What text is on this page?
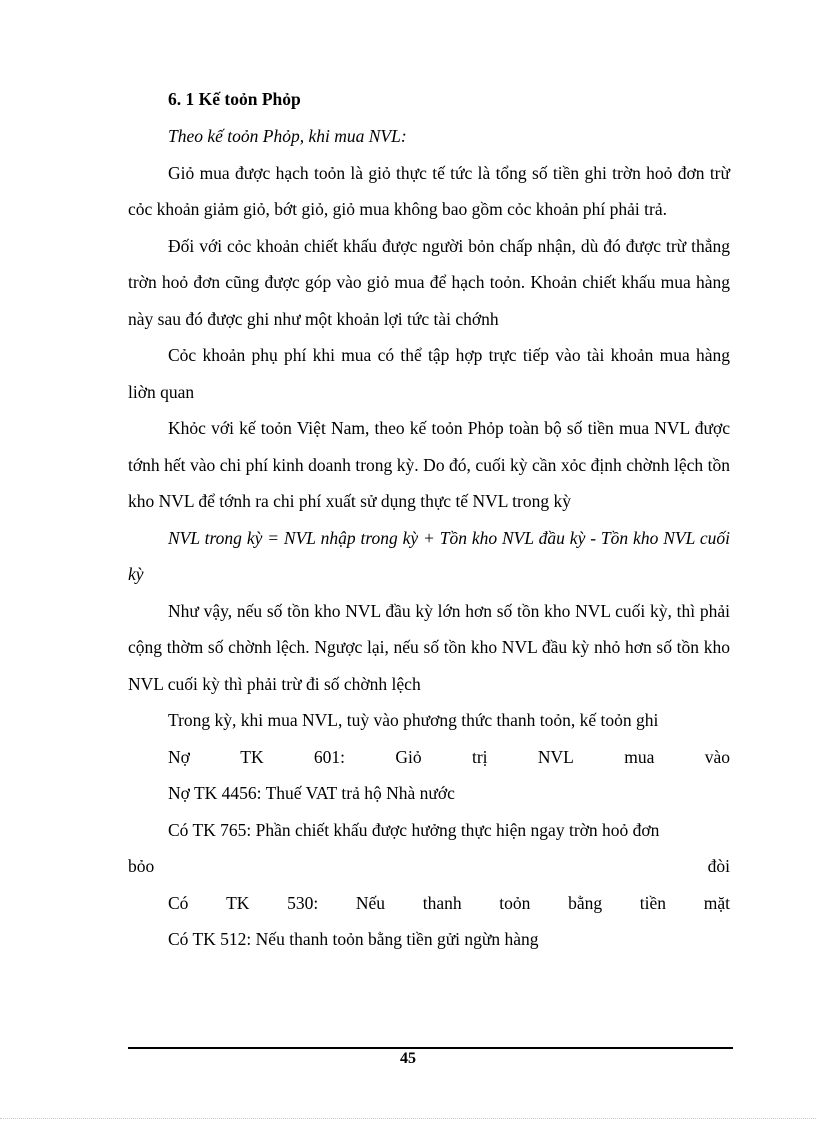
6. 1 Kế toỏn Phỏp

Theo kế toỏn Phỏp, khi mua NVL:

Giỏ mua được hạch toỏn là giỏ thực tế tức là tổng số tiền ghi trờn hoỏ đơn trừ cỏc khoản giảm giỏ, bớt giỏ, giỏ mua không bao gồm cỏc khoản phí phải trả.

Đối với cỏc khoản chiết khấu được người bỏn chấp nhận, dù đó được trừ thẳng trờn hoỏ đơn cũng được góp vào giỏ mua để hạch toỏn. Khoản chiết khấu mua hàng này sau đó được ghi như một khoản lợi tức tài chớnh

Cỏc khoản phụ phí khi mua có thể tập hợp trực tiếp vào tài khoản mua hàng liờn quan

Khỏc với kế toỏn Việt Nam, theo kế toỏn Phỏp toàn bộ số tiền mua NVL được tớnh hết vào chi phí kinh doanh trong kỳ. Do đó, cuối kỳ cần xỏc định chờnh lệch tồn kho NVL để tớnh ra chi phí xuất sử dụng thực tế NVL trong kỳ

NVL trong kỳ = NVL nhập trong kỳ + Tồn kho NVL đầu kỳ - Tồn kho NVL cuối kỳ

Như vậy, nếu số tồn kho NVL đầu kỳ lớn hơn số tồn kho NVL cuối kỳ, thì phải cộng thờm số chờnh lệch. Ngược lại, nếu số tồn kho NVL đầu kỳ nhỏ hơn số tồn kho NVL cuối kỳ thì phải trừ đi số chờnh lệch

Trong kỳ, khi mua NVL, tuỳ vào phương thức thanh toỏn, kế toỏn ghi

Nợ	TK	601:	Giỏ	trị	NVL	mua	vào

Nợ TK 4456: Thuế VAT trả hộ Nhà nước

Có TK 765: Phần chiết khấu được hưởng thực hiện ngay trờn hoỏ đơn

bỏo	đòi
Có TK 530: Nếu thanh toỏn bằng tiền mặt

Có TK 512: Nếu thanh toỏn bằng tiền gửi ngừn hàng

45
